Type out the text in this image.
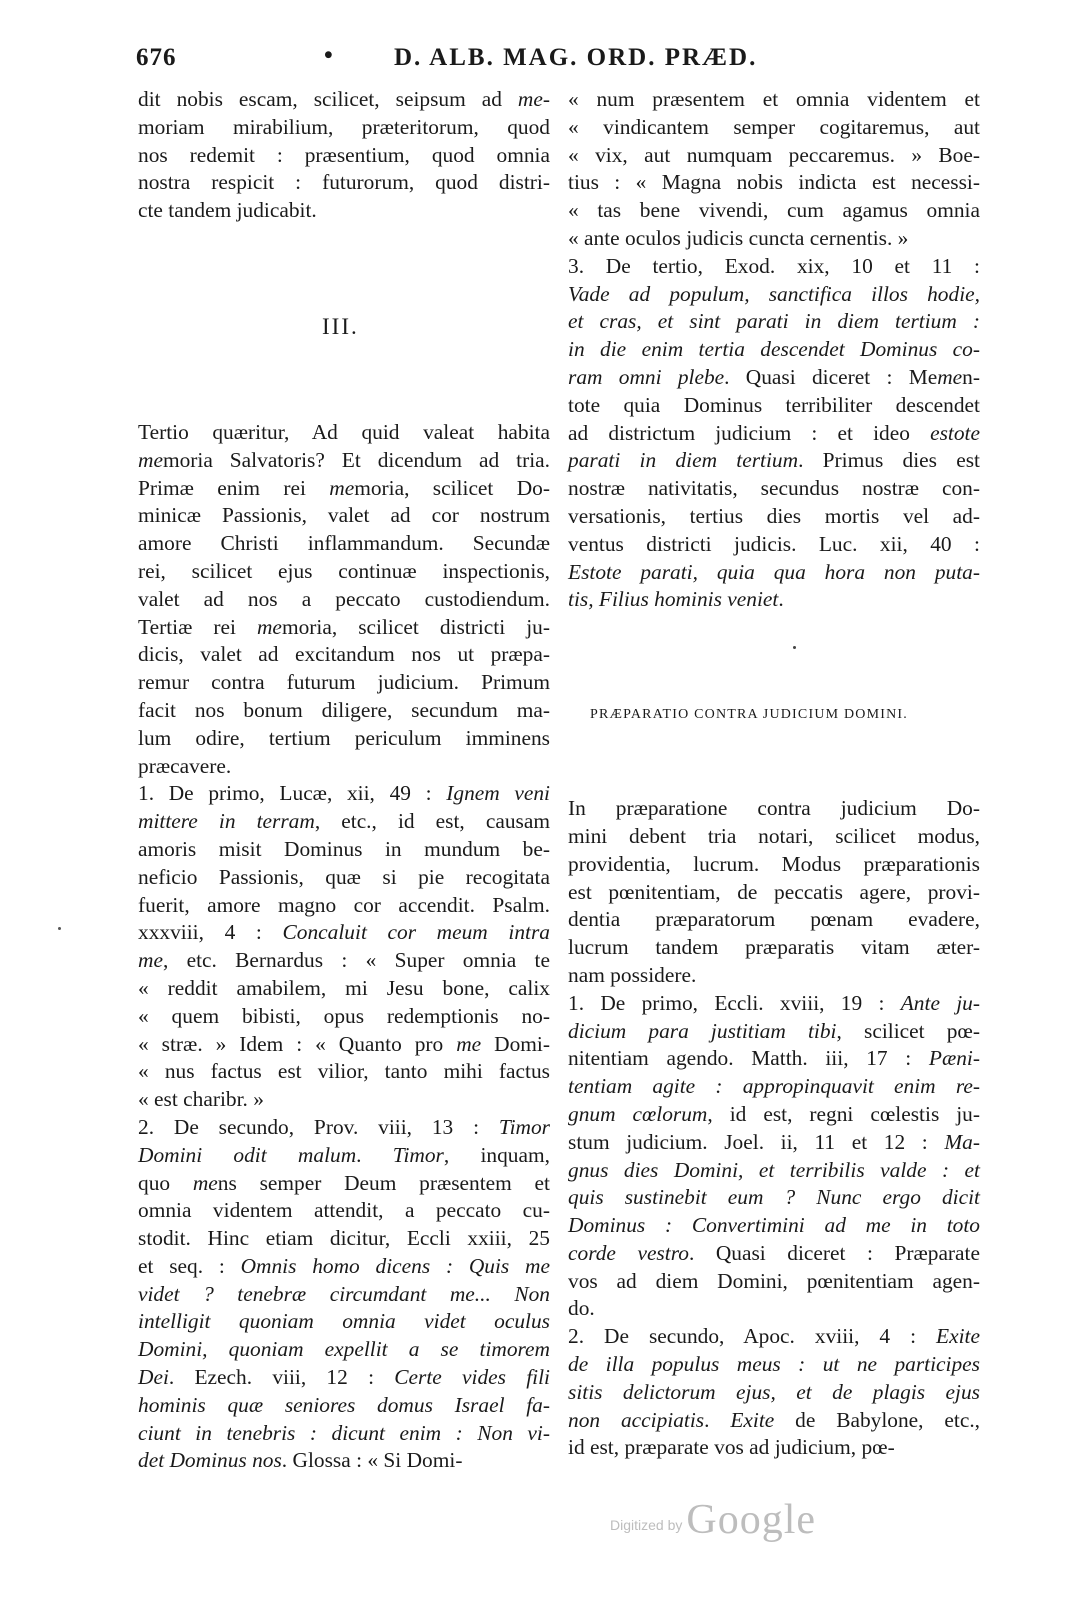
676	• D. ALB. MAG. ORD. PRÆD.
dit nobis escam, scilicet, seipsum ad me-
moriam mirabilium, præteritorum, quod
nos redemit : præsentium, quod omnia
nostra respicit : futurorum, quod distri-
cte tandem judicabit.
Tertio quæritur, Ad quid valeat habita
memoria Salvatoris? Et dicendum ad tria.
Primæ enim rei memoria, scilicet Do-
minicæ Passionis, valet ad cor nostrum
amore Christi inflammandum. Secundæ
rei, scilicet ejus continuæ inspectionis,
valet ad nos a peccato custodiendum.
Tertiæ rei memoria, scilicet districti ju-
dicis, valet ad excitandum nos ut præpa-
remur contra futurum judicium. Primum
facit nos bonum diligere, secundum ma-
lum odire, tertium periculum imminens
præcavere.
1. De primo, Lucæ, xii, 49 : Ignem veni
mittere in terram, etc., id est, causam
amoris misit Dominus in mundum be-
neficio Passionis, quæ si pie recogitata
fuerit, amore magno cor accendit. Psalm.
xxxviii, 4 : Concaluit cor meum intra
me, etc. Bernardus : « Super omnia te
« reddit amabilem, mi Jesu bone, calix
« quem bibisti, opus redemptionis no-
« stræ. » Idem : « Quanto pro me Domi-
« nus factus est vilior, tanto mihi factus
« est charibr. »
2. De secundo, Prov. viii, 13 : Timor
Domini odit malum. Timor, inquam,
quo mens semper Deum præsentem et
omnia videntem attendit, a peccato cu-
stodit. Hinc etiam dicitur, Eccli xxiii, 25
et seq. : Omnis homo dicens : Quis me
videt ? tenebræ circumdant me... Non
intelligit quoniam omnia videt oculus
Domini, quoniam expellit a se timorem
Dei. Ezech. viii, 12 : Certe vides fili
hominis quæ seniores domus Israel fa-
ciunt in tenebris : dicunt enim : Non vi-
det Dominus nos. Glossa : « Si Domi-
III.
« num præsentem et omnia videntem et
« vindicantem semper cogitaremus, aut
« vix, aut numquam peccaremus. » Boe-
tius : « Magna nobis indicta est necessi-
« tas bene vivendi, cum agamus omnia
« ante oculos judicis cuncta cernentis. »
3. De tertio, Exod. xix, 10 et 11 :
Vade ad populum, sanctifica illos hodie,
et cras, et sint parati in diem tertium :
in die enim tertia descendet Dominus co-
ram omni plebe. Quasi diceret : Memen-
tote quia Dominus terribiliter descendet
ad districtum judicium : et ideo estote
parati in diem tertium. Primus dies est
nostræ nativitatis, secundus nostræ con-
versationis, tertius dies mortis vel ad-
ventus districti judicis. Luc. xii, 40 :
Estote parati, quia qua hora non puta-
tis, Filius hominis veniet.
In præparatione contra judicium Do-
mini debent tria notari, scilicet modus,
providentia, lucrum. Modus præparationis
est pœnitentiam, de peccatis agere, provi-
dentia præparatorum pœnam evadere,
lucrum tandem præparatis vitam æter-
nam possidere.
1. De primo, Eccli. xviii, 19 : Ante ju-
dicium para justitiam tibi, scilicet pœ-
nitentiam agendo. Matth. iii, 17 : Pæni-
tentiam agite : appropinquavit enim re-
gnum cœlorum, id est, regni cœlestis ju-
stum judicium. Joel. ii, 11 et 12 : Ma-
gnus dies Domini, et terribilis valde : et
quis sustinebit eum ? Nunc ergo dicit
Dominus : Convertimini ad me in toto
corde vestro. Quasi diceret : Præparate
vos ad diem Domini, pœnitentiam agen-
do.
2. De secundo, Apoc. xviii, 4 : Exite
de illa populus meus : ut ne participes
sitis delictorum ejus, et de plagis ejus
non accipiatis. Exite de Babylone, etc.,
id est, præparate vos ad judicium, pœ-
PRÆPARATIO CONTRA JUDICIUM DOMINI.
Digitized by Google
